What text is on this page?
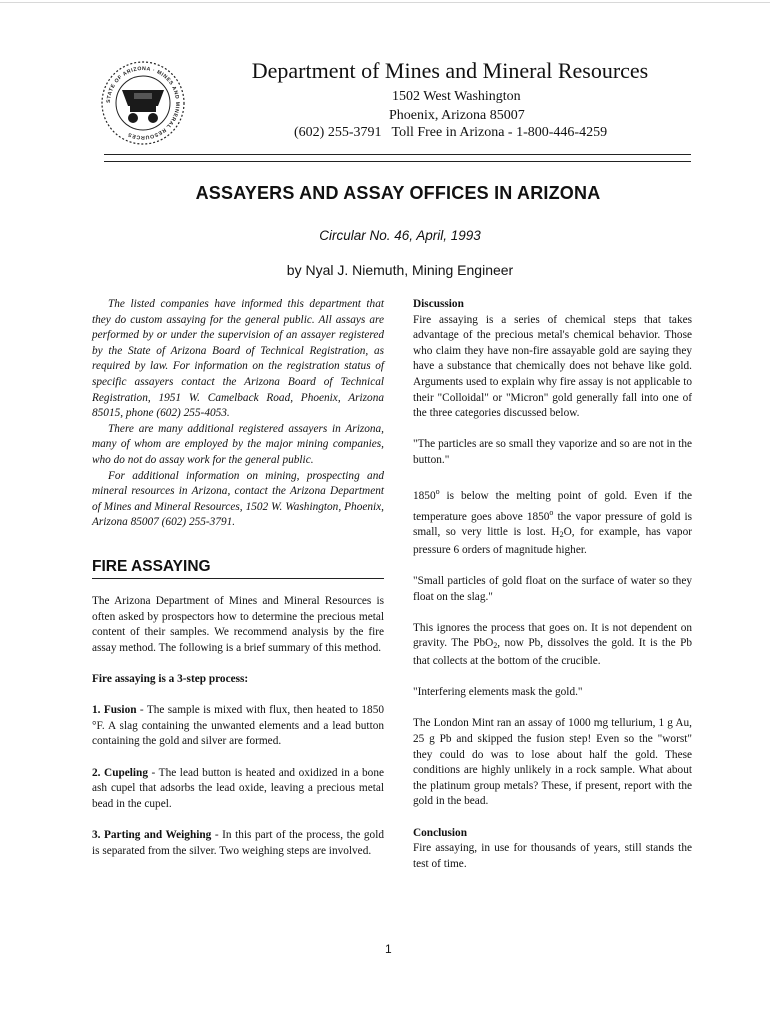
STATE OF ARIZONA · MINES AND MINERAL RESOURCES
Department of Mines and Mineral Resources
1502 West Washington
Phoenix, Arizona 85007
(602) 255-3791 Toll Free in Arizona - 1-800-446-4259
ASSAYERS AND ASSAY OFFICES IN ARIZONA
Circular No. 46, April, 1993
by Nyal J. Niemuth, Mining Engineer

The listed companies have informed this department that they do custom assaying for the general public. All assays are performed by or under the supervision of an assayer registered by the State of Arizona Board of Technical Registration, as required by law. For information on the registration status of specific assayers contact the Arizona Board of Technical Registration, 1951 W. Camelback Road, Phoenix, Arizona 85015, phone (602) 255-4053.

There are many additional registered assayers in Arizona, many of whom are employed by the major mining companies, who do not do assay work for the general public.

For additional information on mining, prospecting and mineral resources in Arizona, contact the Arizona Department of Mines and Mineral Resources, 1502 W. Washington, Phoenix, Arizona 85007 (602) 255-3791.

FIRE ASSAYING

The Arizona Department of Mines and Mineral Resources is often asked by prospectors how to determine the precious metal content of their samples. We recommend analysis by the fire assay method. The following is a brief summary of this method.

Fire assaying is a 3-step process:

1. Fusion - The sample is mixed with flux, then heated to 1850 °F. A slag containing the unwanted elements and a lead button containing the gold and silver are formed.

2. Cupeling - The lead button is heated and oxidized in a bone ash cupel that adsorbs the lead oxide, leaving a precious metal bead in the cupel.

3. Parting and Weighing - In this part of the process, the gold is separated from the silver. Two weighing steps are involved.

Discussion

Fire assaying is a series of chemical steps that takes advantage of the precious metal's chemical behavior. Those who claim they have non-fire assayable gold are saying they have a substance that chemically does not behave like gold. Arguments used to explain why fire assay is not applicable to their "Colloidal" or "Micron" gold generally fall into one of the three categories discussed below.

"The particles are so small they vaporize and so are not in the button."

1850$^o$ is below the melting point of gold. Even if the temperature goes above 1850$^o$ the vapor pressure of gold is small, so very little is lost. $H_2O$, for example, has vapor pressure 6 orders of magnitude higher.

"Small particles of gold float on the surface of water so they float on the slag."

This ignores the process that goes on. It is not dependent on gravity. The PbO$_2$, now Pb, dissolves the gold. It is the Pb that collects at the bottom of the crucible.

"Interfering elements mask the gold."

The London Mint ran an assay of 1000 mg tellurium, 1 g Au, 25 g Pb and skipped the fusion step! Even so the "worst" they could do was to lose about half the gold. These conditions are highly unlikely in a rock sample. What about the platinum group metals? These, if present, report with the gold in the bead.

Conclusion

Fire assaying, in use for thousands of years, still stands the test of time.

1
